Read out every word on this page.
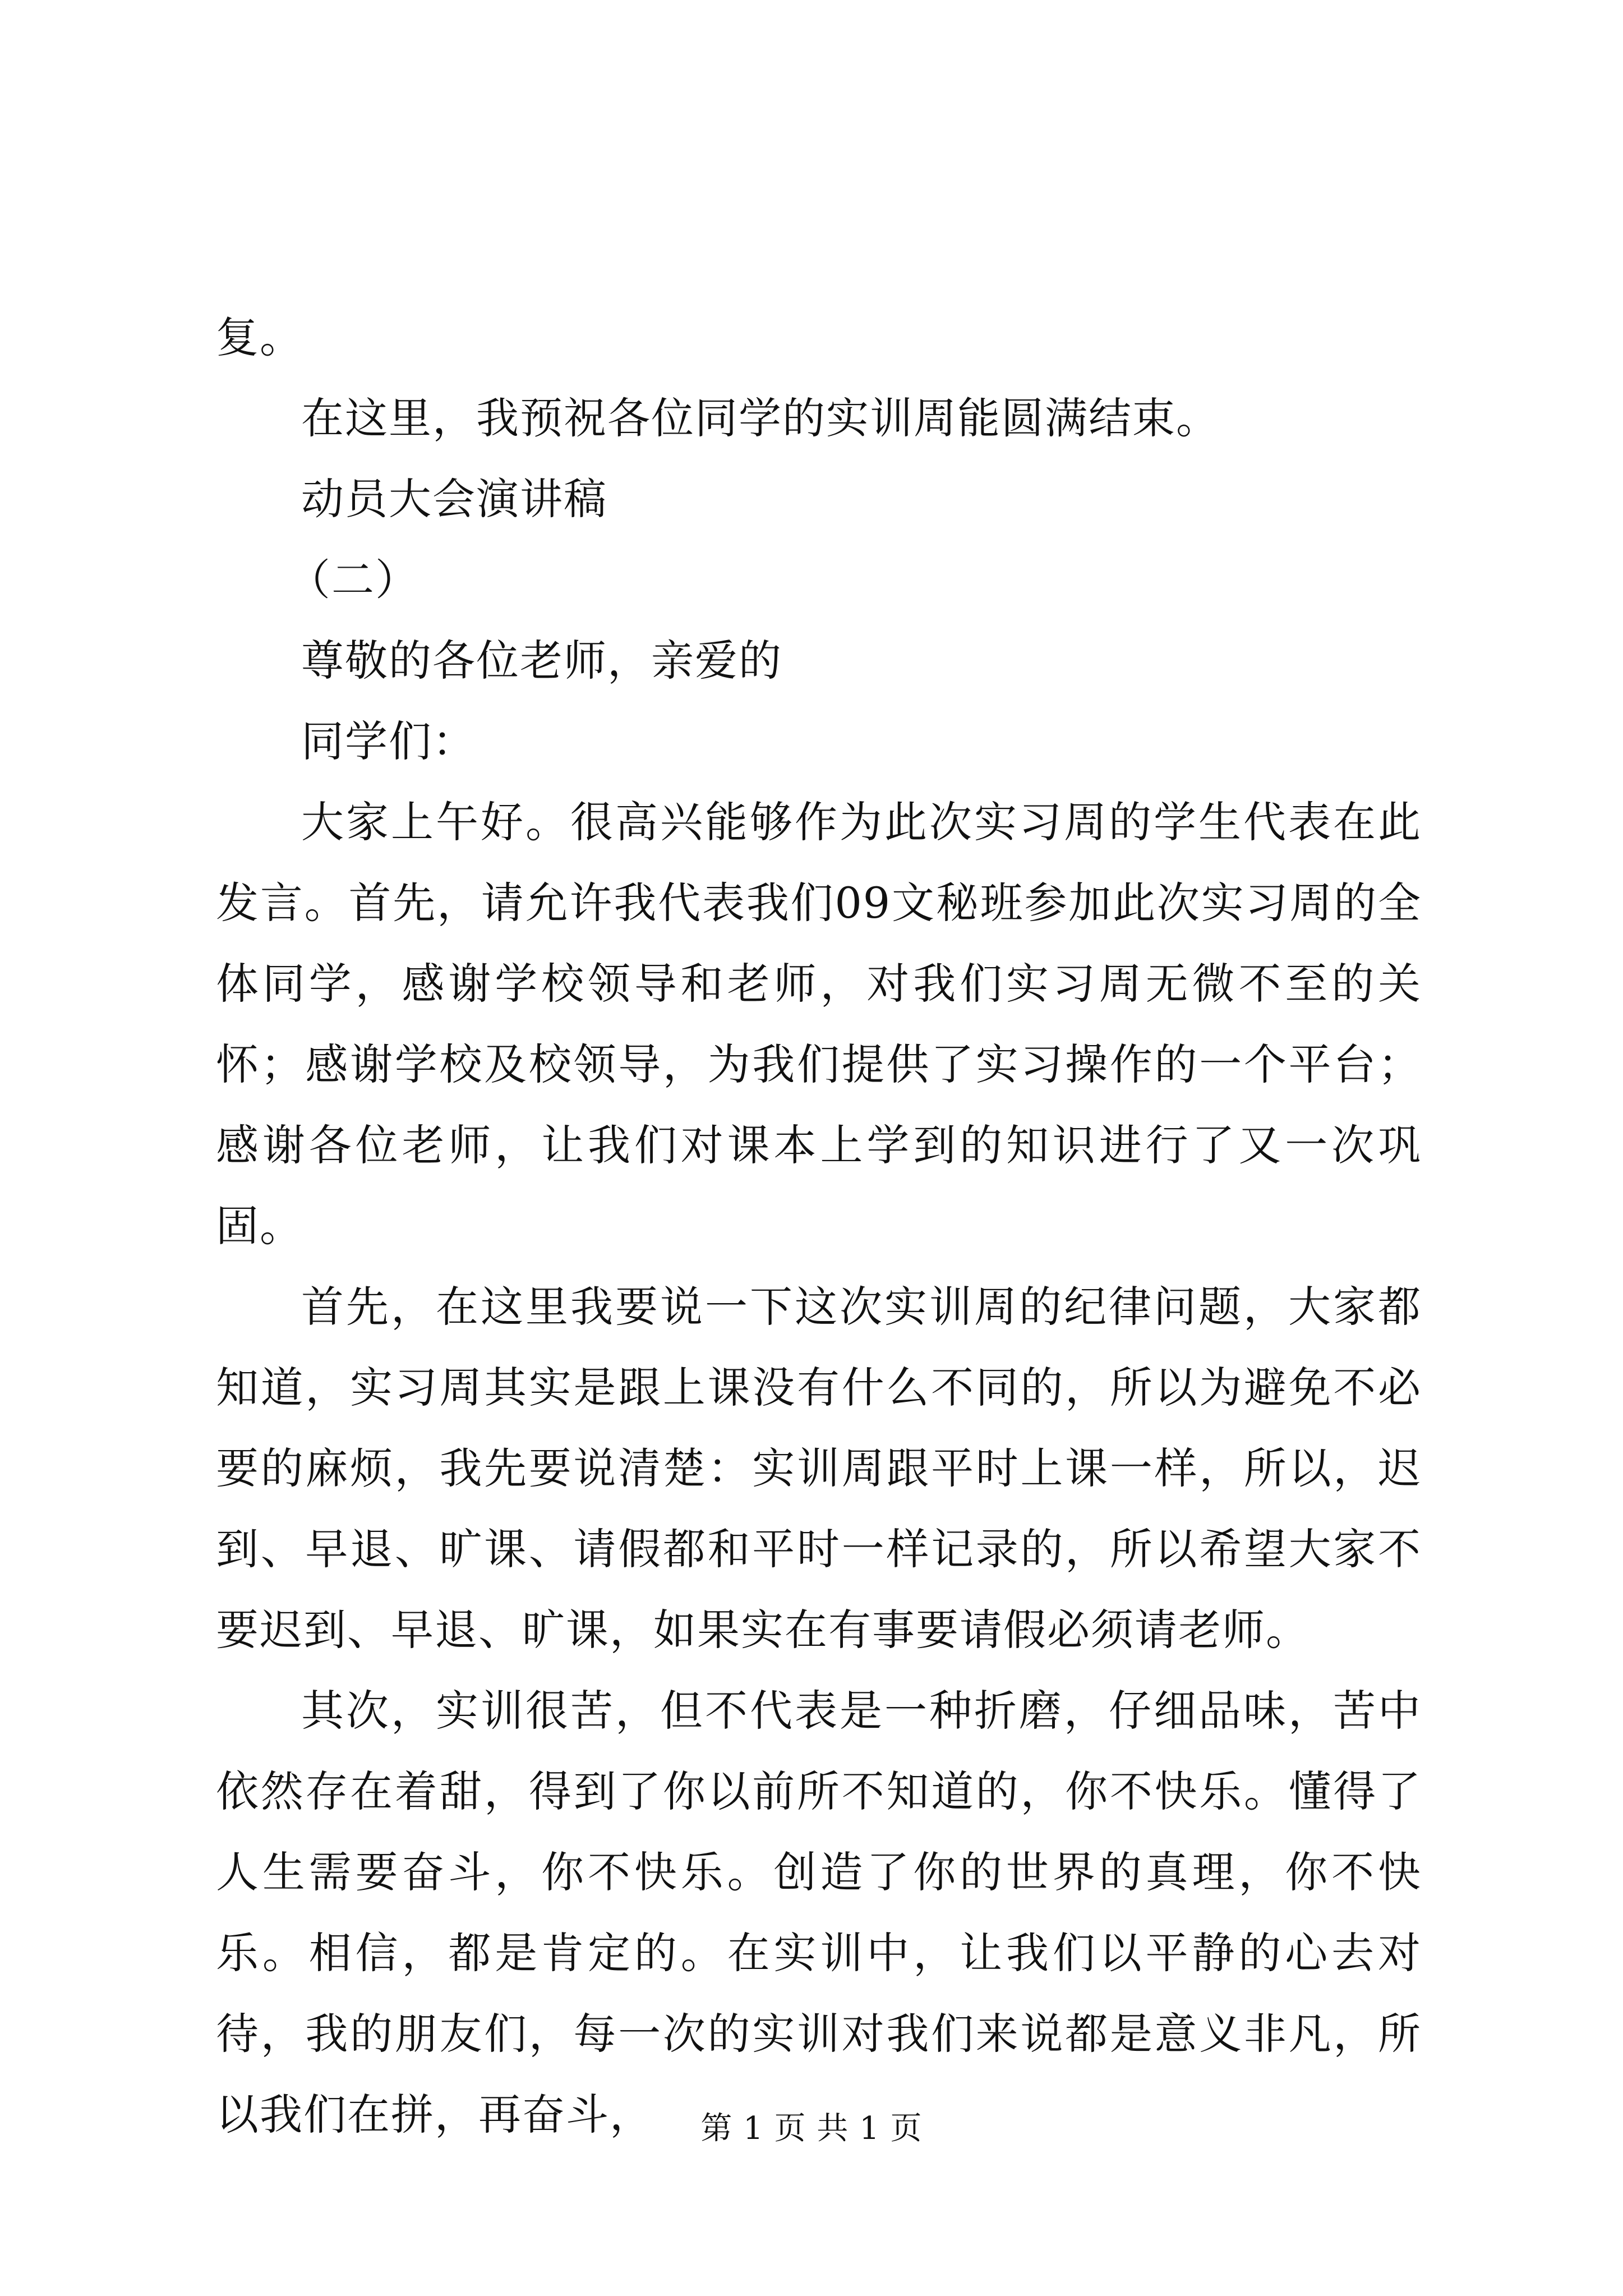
复。

在这里，我预祝各位同学的实训周能圆满结束。

动员大会演讲稿

（二）

尊敬的各位老师，亲爱的

同学们：

大家上午好。很高兴能够作为此次实习周的学生代表在此发言。首先，请允许我代表我们09文秘班参加此次实习周的全体同学，感谢学校领导和老师，对我们实习周无微不至的关怀；感谢学校及校领导，为我们提供了实习操作的一个平台；感谢各位老师，让我们对课本上学到的知识进行了又一次巩固。

首先，在这里我要说一下这次实训周的纪律问题，大家都知道，实习周其实是跟上课没有什么不同的，所以为避免不必要的麻烦，我先要说清楚：实训周跟平时上课一样，所以，迟到、早退、旷课、请假都和平时一样记录的，所以希望大家不要迟到、早退、旷课，如果实在有事要请假必须请老师。

其次，实训很苦，但不代表是一种折磨，仔细品味，苦中依然存在着甜，得到了你以前所不知道的，你不快乐。懂得了人生需要奋斗，你不快乐。创造了你的世界的真理，你不快乐。相信，都是肯定的。在实训中，让我们以平静的心去对待，我的朋友们，每一次的实训对我们来说都是意义非凡，所以我们在拼，再奋斗，	第 1 页 共 1 页
